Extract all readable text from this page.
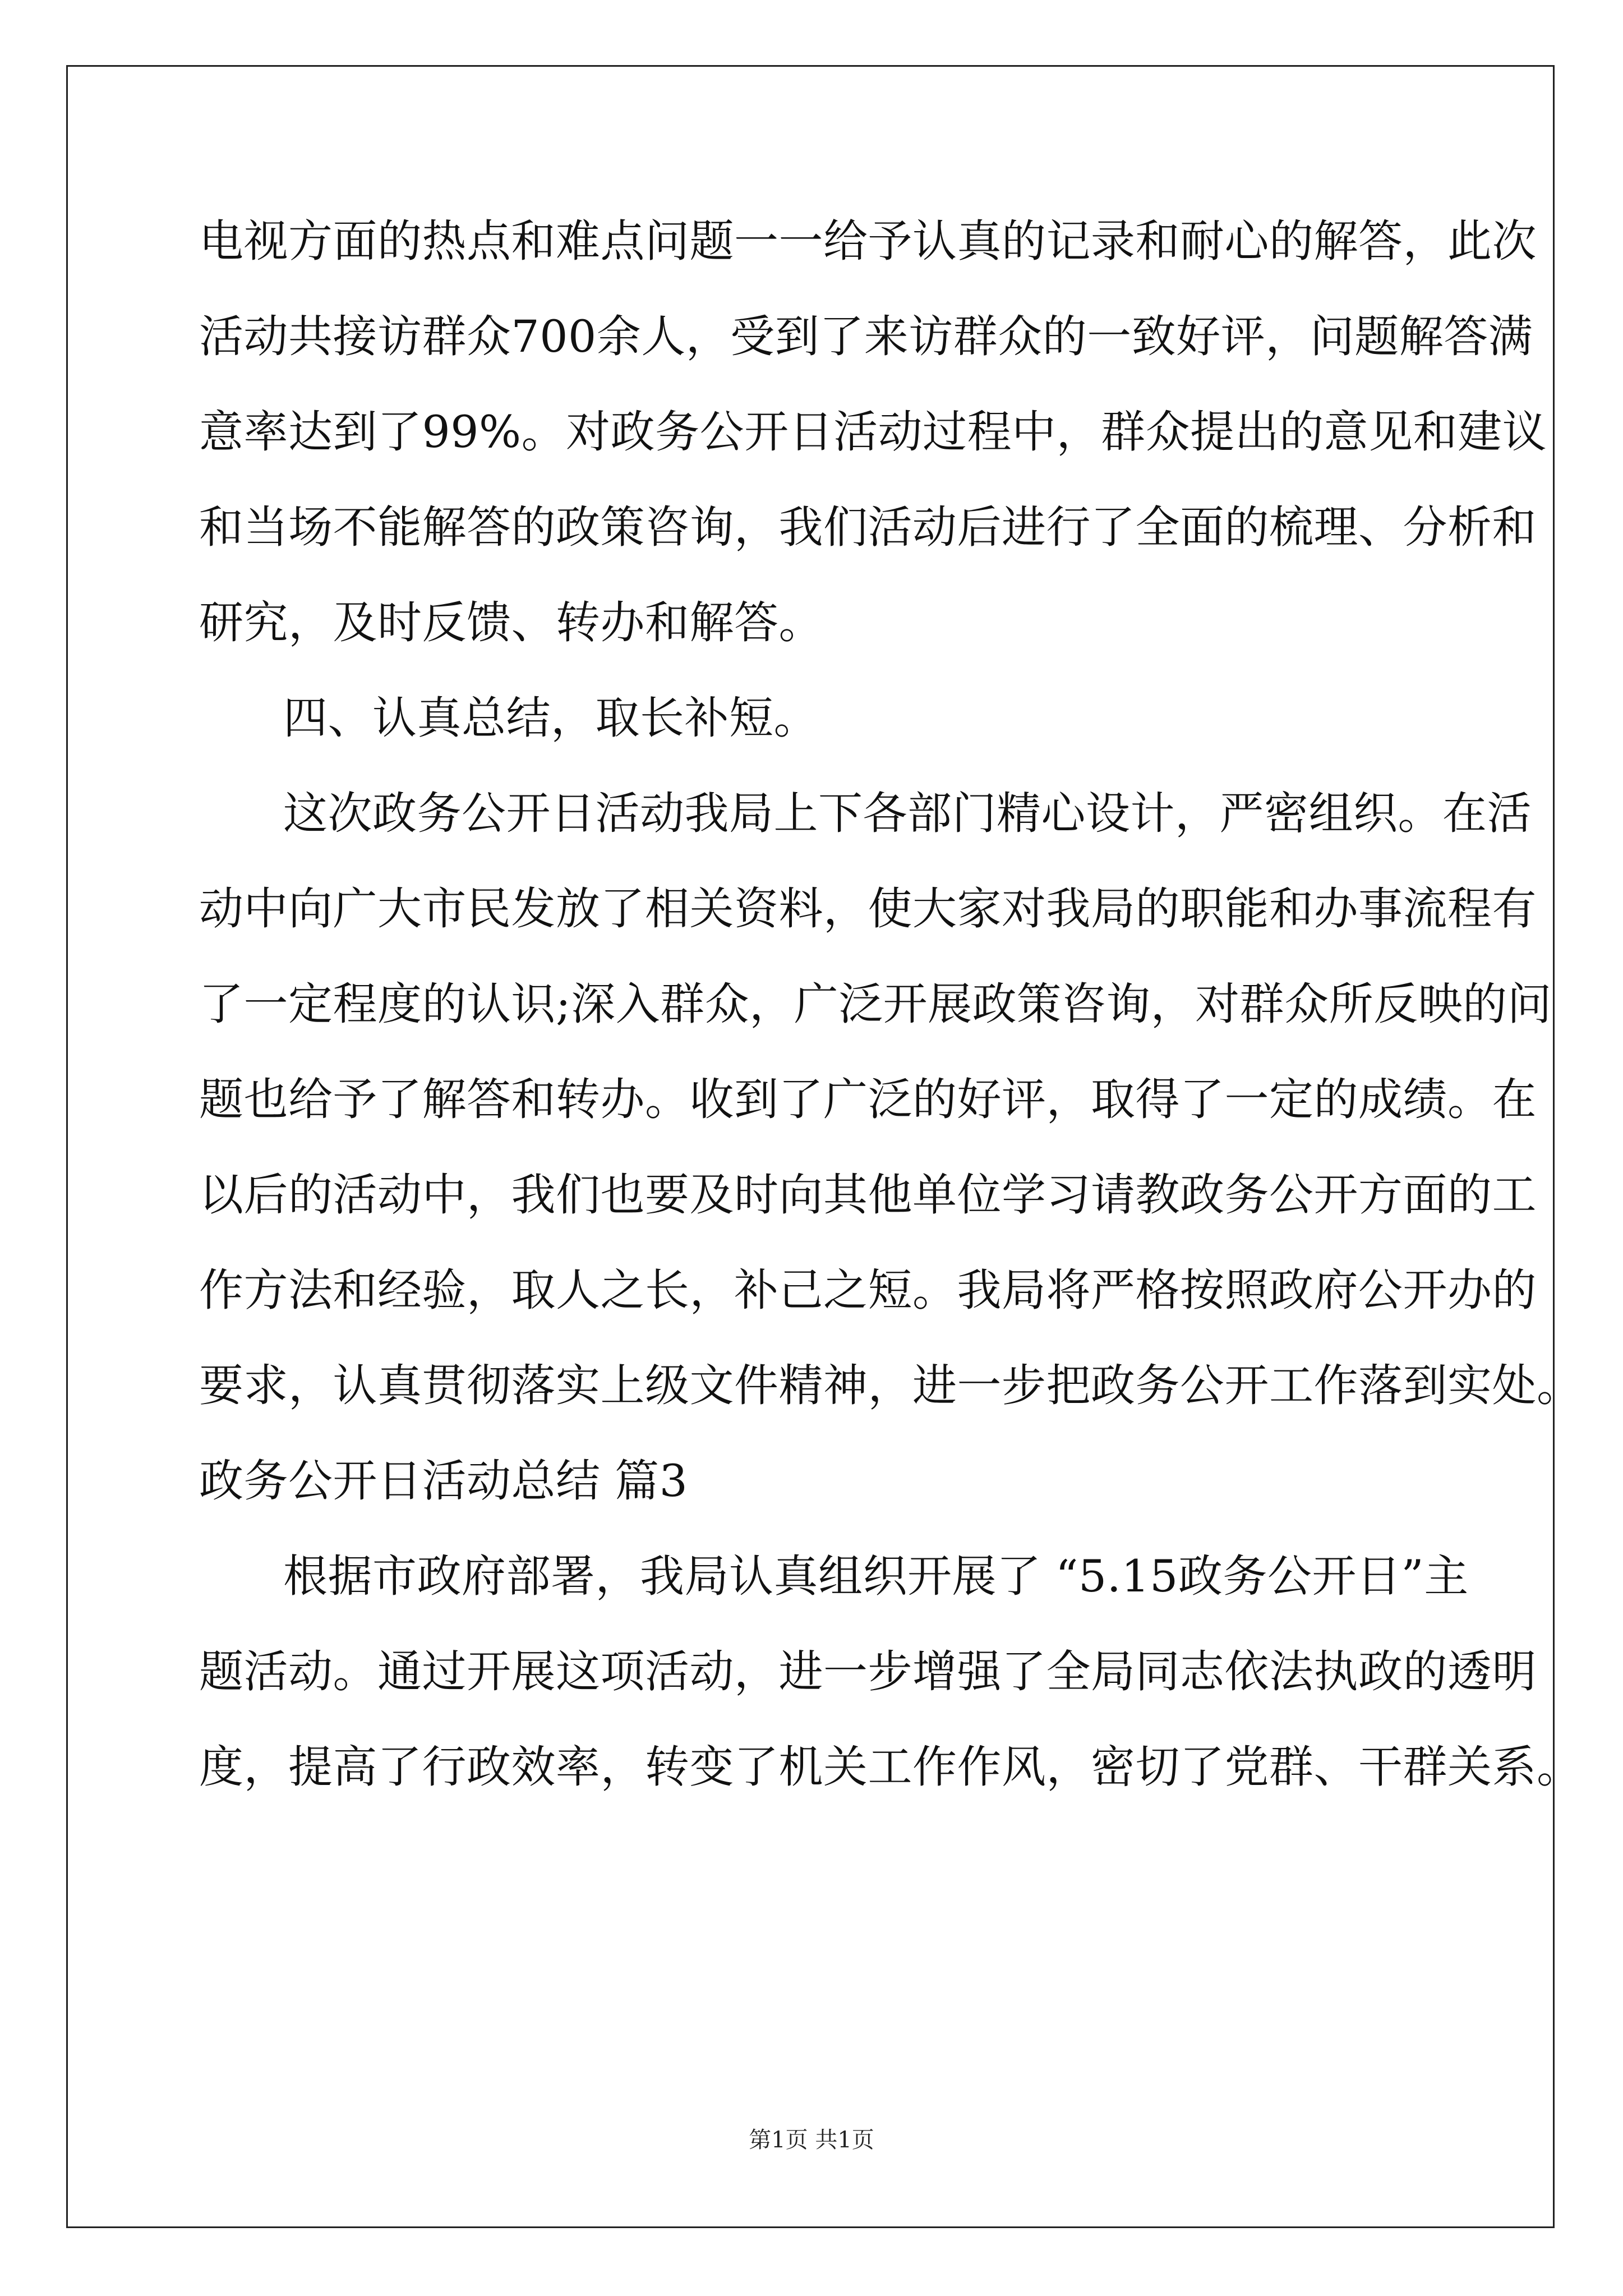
电视方面的热点和难点问题一一给予认真的记录和耐心的解答，此次
活动共接访群众700余人，受到了来访群众的一致好评，问题解答满
意率达到了99%。对政务公开日活动过程中，群众提出的意见和建议
和当场不能解答的政策咨询，我们活动后进行了全面的梳理、分析和
研究，及时反馈、转办和解答。
四、认真总结，取长补短。
这次政务公开日活动我局上下各部门精心设计，严密组织。在活
动中向广大市民发放了相关资料，使大家对我局的职能和办事流程有
了一定程度的认识;深入群众，广泛开展政策咨询，对群众所反映的问
题也给予了解答和转办。收到了广泛的好评，取得了一定的成绩。在
以后的活动中，我们也要及时向其他单位学习请教政务公开方面的工
作方法和经验，取人之长，补己之短。我局将严格按照政府公开办的
要求，认真贯彻落实上级文件精神，进一步把政务公开工作落到实处。
政务公开日活动总结 篇3
根据市政府部署，我局认真组织开展了 “5.15政务公开日”主
题活动。通过开展这项活动，进一步增强了全局同志依法执政的透明
度，提高了行政效率，转变了机关工作作风，密切了党群、干群关系。
第1页 共1页
